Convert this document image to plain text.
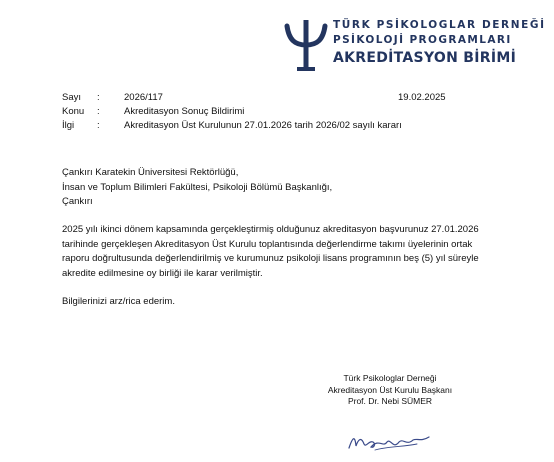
TÜRK PSİKOLOGLAR DERNEĞİ
PSİKOLOJİ PROGRAMLARI
AKREDİTASYON BİRİMİ
Sayı :	2026/117	19.02.2025
Konu :	Akreditasyon Sonuç Bildirimi
İlgi :	Akreditasyon Üst Kurulunun 27.01.2026 tarih 2026/02 sayılı kararı
Çankırı Karatekin Üniversitesi Rektörlüğü,
İnsan ve Toplum Bilimleri Fakültesi, Psikoloji Bölümü Başkanlığı,
Çankırı
2025 yılı ikinci dönem kapsamında gerçekleştirmiş olduğunuz akreditasyon başvurunuz 27.01.2026
tarihinde gerçekleşen Akreditasyon Üst Kurulu toplantısında değerlendirme takımı üyelerinin ortak
raporu doğrultusunda değerlendirilmiş ve kurumunuz psikoloji lisans programının beş (5) yıl süreyle
akredite edilmesine oy birliği ile karar verilmiştir.
Bilgilerinizi arz/rica ederim.
Türk Psikologlar Derneği
Akreditasyon Üst Kurulu Başkanı
Prof. Dr. Nebi SÜMER
